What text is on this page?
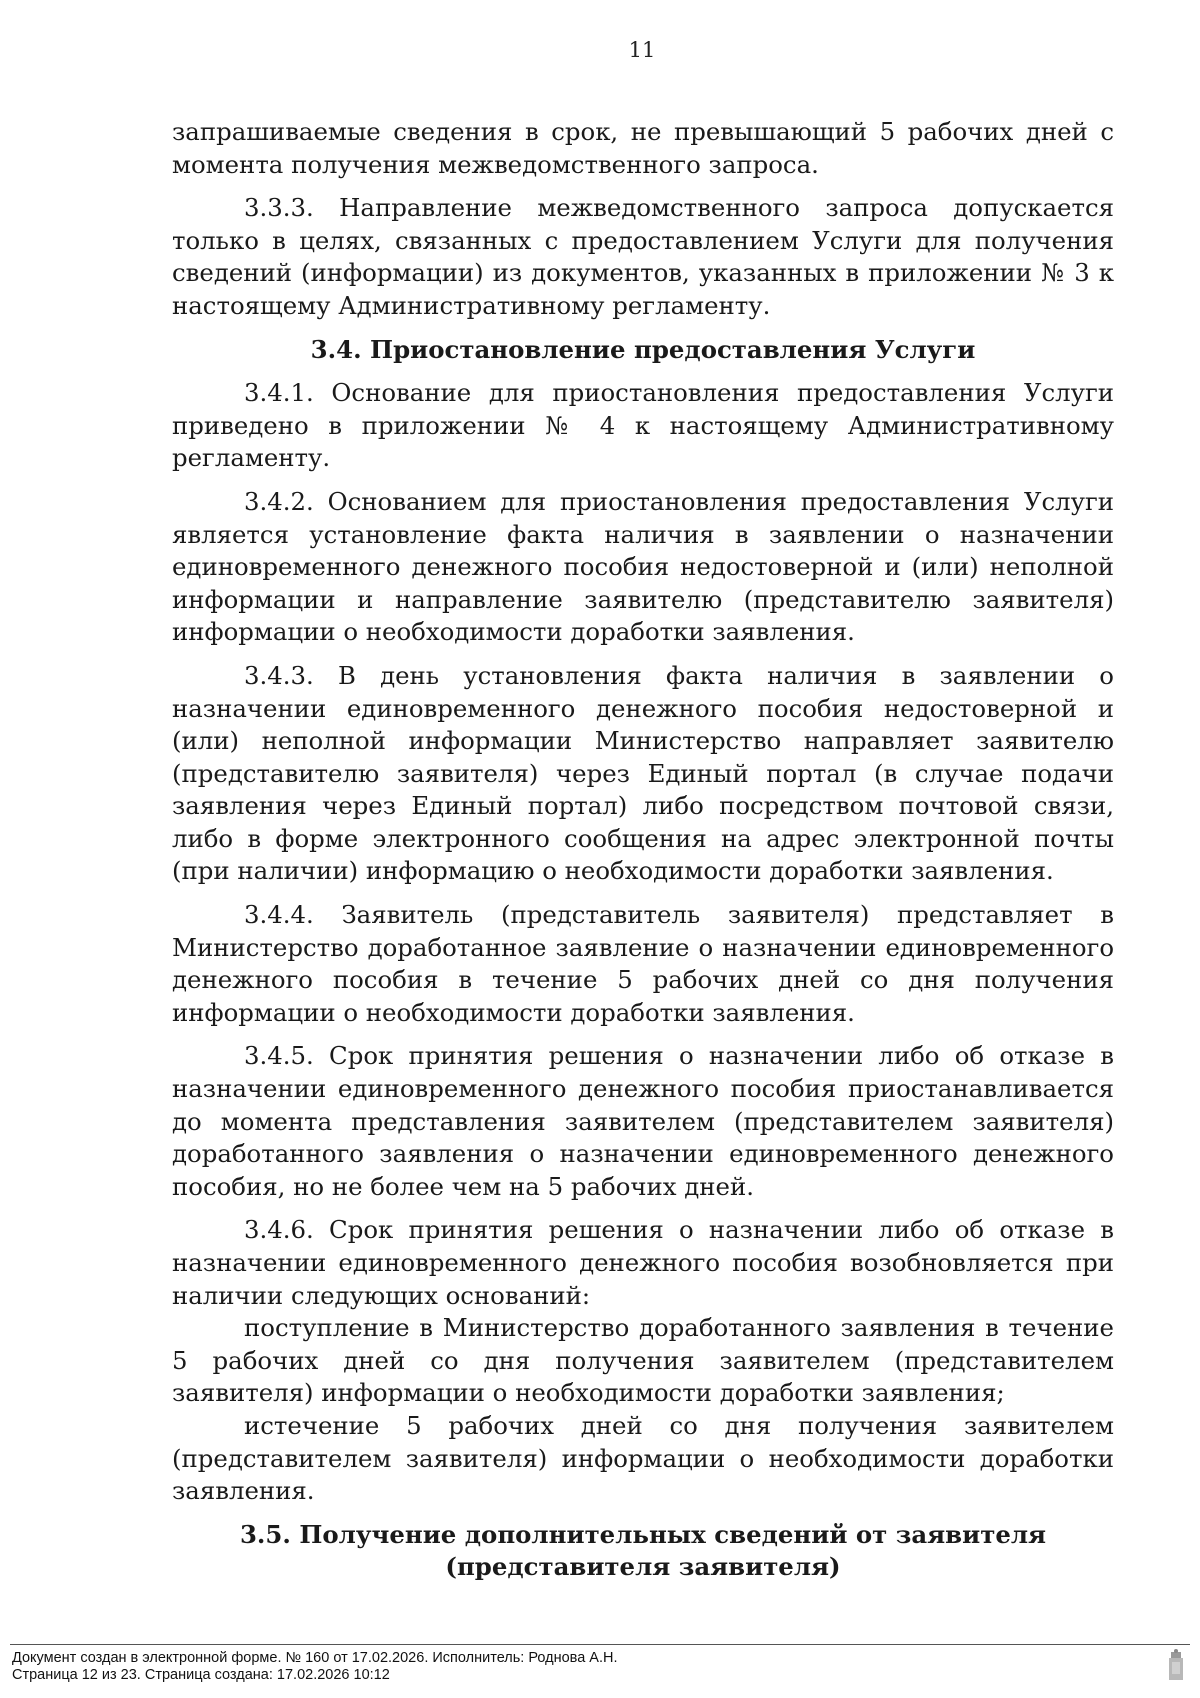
11

запрашиваемые сведения в срок, не превышающий 5 рабочих дней с момента получения межведомственного запроса.

3.3.3. Направление межведомственного запроса допускается только в целях, связанных с предоставлением Услуги для получения сведений (информации) из документов, указанных в приложении № 3 к настоящему Административному регламенту.

3.4. Приостановление предоставления Услуги

3.4.1. Основание для приостановления предоставления Услуги приведено в приложении № 4 к настоящему Административному регламенту.

3.4.2. Основанием для приостановления предоставления Услуги является установление факта наличия в заявлении о назначении единовременного денежного пособия недостоверной и (или) неполной информации и направление заявителю (представителю заявителя) информации о необходимости доработки заявления.

3.4.3. В день установления факта наличия в заявлении о назначении единовременного денежного пособия недостоверной и (или) неполной информации Министерство направляет заявителю (представителю заявителя) через Единый портал (в случае подачи заявления через Единый портал) либо посредством почтовой связи, либо в форме электронного сообщения на адрес электронной почты (при наличии) информацию о необходимости доработки заявления.

3.4.4. Заявитель (представитель заявителя) представляет в Министерство доработанное заявление о назначении единовременного денежного пособия в течение 5 рабочих дней со дня получения информации о необходимости доработки заявления.

3.4.5. Срок принятия решения о назначении либо об отказе в назначении единовременного денежного пособия приостанавливается до момента представления заявителем (представителем заявителя) доработанного заявления о назначении единовременного денежного пособия, но не более чем на 5 рабочих дней.

3.4.6. Срок принятия решения о назначении либо об отказе в назначении единовременного денежного пособия возобновляется при наличии следующих оснований:

поступление в Министерство доработанного заявления в течение 5 рабочих дней со дня получения заявителем (представителем заявителя) информации о необходимости доработки заявления;

истечение 5 рабочих дней со дня получения заявителем (представителем заявителя) информации о необходимости доработки заявления.

3.5. Получение дополнительных сведений от заявителя (представителя заявителя)

Документ создан в электронной форме. № 160 от 17.02.2026. Исполнитель: Роднова А.Н.
Страница 12 из 23. Страница создана: 17.02.2026 10:12
